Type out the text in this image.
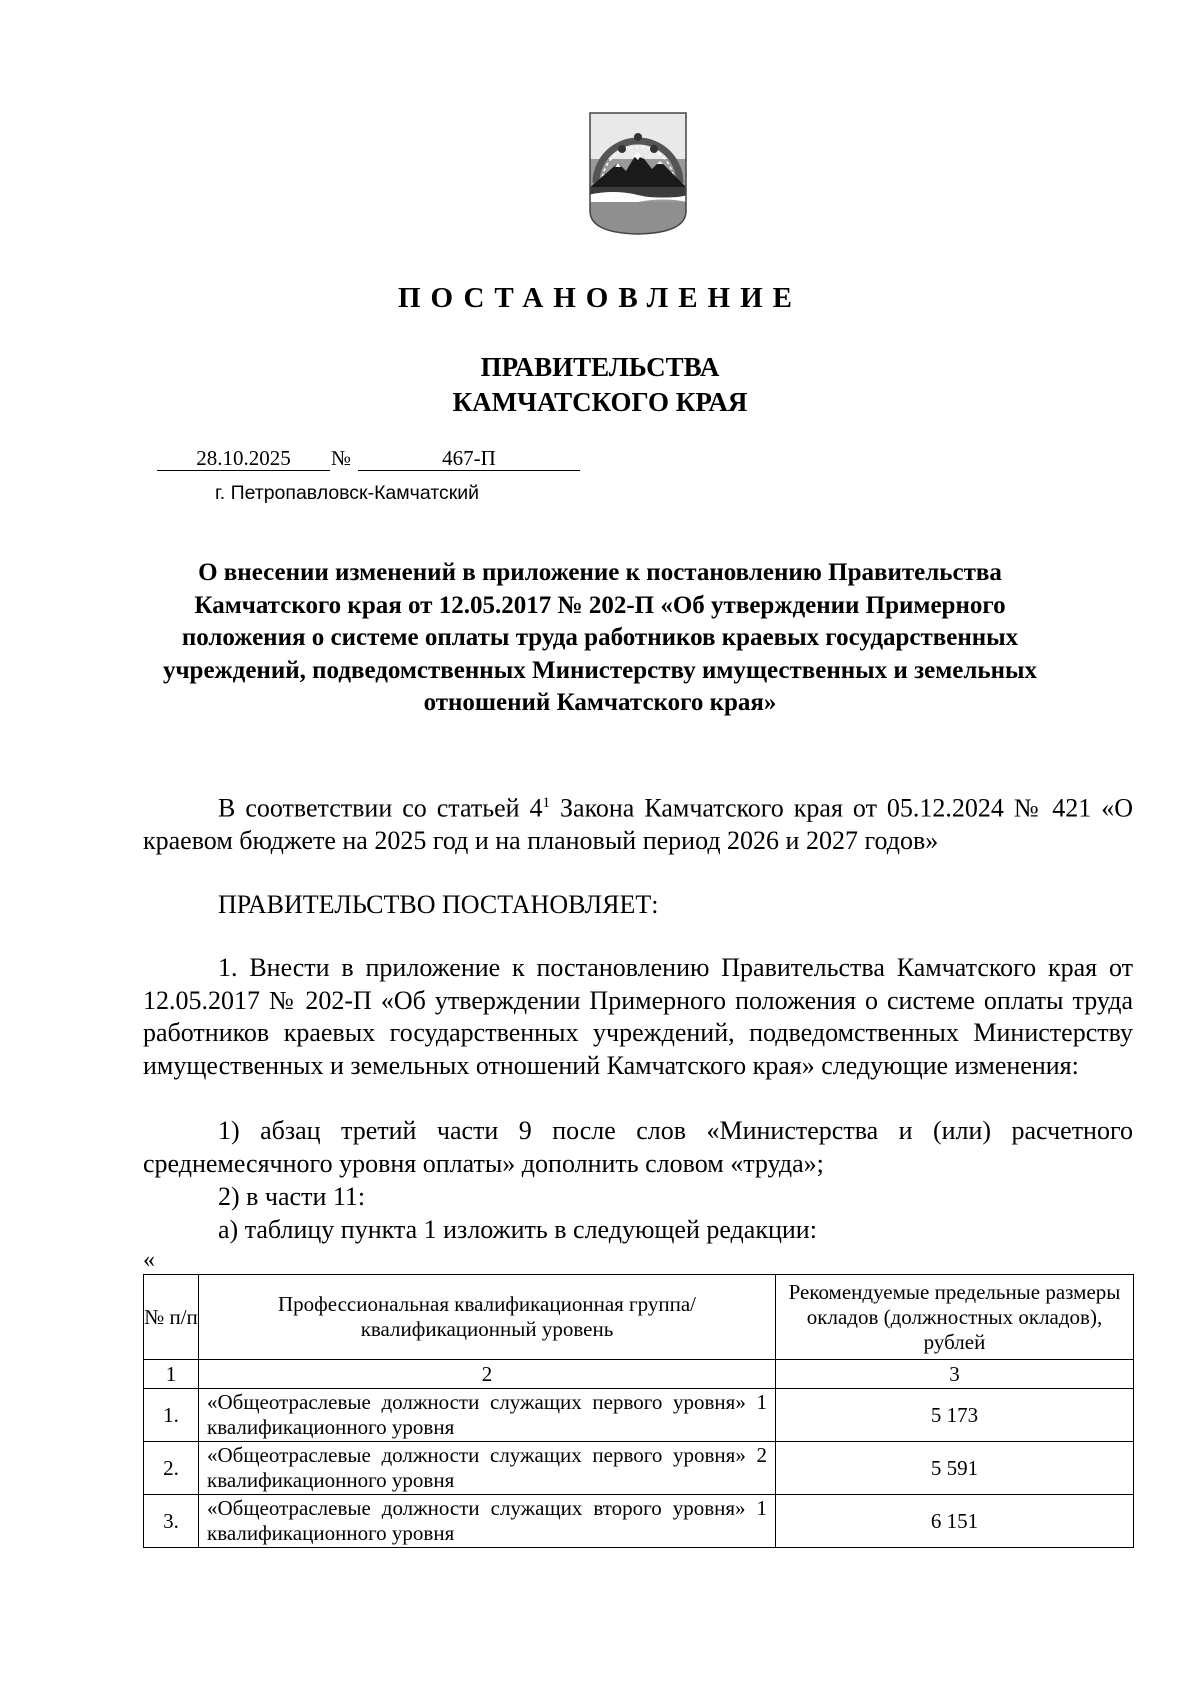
ПОСТАНОВЛЕНИЕ
ПРАВИТЕЛЬСТВА
КАМЧАТСКОГО КРАЯ
28.10.2025	№	467-П
г. Петропавловск-Камчатский
О внесении изменений в приложение к постановлению Правительства Камчатского края от 12.05.2017 № 202-П «Об утверждении Примерного положения о системе оплаты труда работников краевых государственных учреждений, подведомственных Министерству имущественных и земельных отношений Камчатского края»
В соответствии со статьей $4^1$ Закона Камчатского края от 05.12.2024 № 421 «О краевом бюджете на 2025 год и на плановый период 2026 и 2027 годов»
ПРАВИТЕЛЬСТВО ПОСТАНОВЛЯЕТ:
1. Внести в приложение к постановлению Правительства Камчатского края от 12.05.2017 № 202-П «Об утверждении Примерного положения о системе оплаты труда работников краевых государственных учреждений, подведомственных Министерству имущественных и земельных отношений Камчатского края» следующие изменения:
1) абзац третий части 9 после слов «Министерства и (или) расчетного среднемесячного уровня оплаты» дополнить словом «труда»;
2) в части 11:
а) таблицу пункта 1 изложить в следующей редакции:
«
№ п/п	Профессиональная квалификационная группа/ квалификационный уровень	Рекомендуемые предельные размеры окладов (должностных окладов), рублей
1	2	3
1.	«Общеотраслевые должности служащих первого уровня» 1 квалификационного уровня	5 173
2.	«Общеотраслевые должности служащих первого уровня» 2 квалификационного уровня	5 591
3.	«Общеотраслевые должности служащих второго уровня» 1 квалификационного уровня	6 151
